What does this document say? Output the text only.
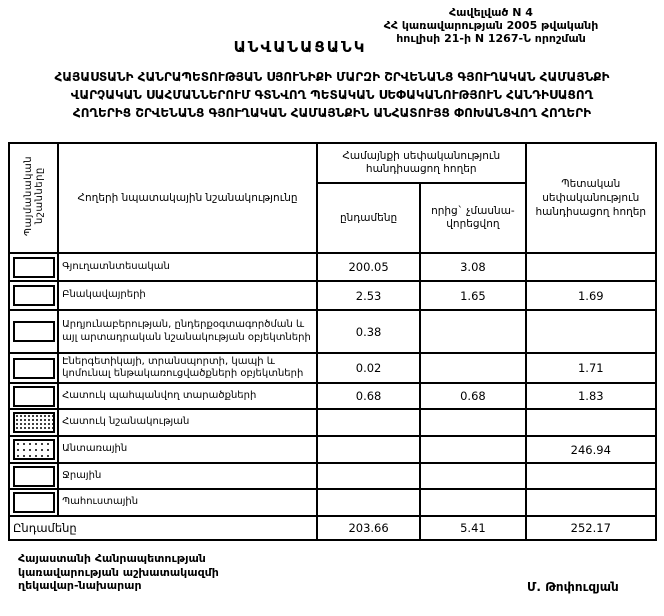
Հավելված N 4
ՀՀ կառավարության 2005 թվականի
հուլիսի 21-ի N 1267-Ն որոշման
ԱՆՎԱՆԱՑԱՆԿ
ՀԱՅԱՍՏԱՆԻ ՀԱՆՐԱՊԵՏՈՒԹՅԱՆ ՍՅՈՒՆԻՔԻ ՄԱՐԶԻ ՇՐՎԵՆԱՆՑ ԳՅՈՒՂԱԿԱՆ ՀԱՄԱՅՆՔԻ
ՎԱՐՉԱԿԱՆ ՍԱՀՄԱՆՆԵՐՈՒՄ ԳՏՆՎՈՂ ՊԵՏԱԿԱՆ ՍԵՓԱԿԱՆՈՒԹՅՈՒՆ ՀԱՆԴԻՍԱՑՈՂ
ՀՈՂԵՐԻՑ ՇՐՎԵՆԱՆՑ ԳՅՈՒՂԱԿԱՆ ՀԱՄԱՅՆՔԻՆ ԱՆՀԱՏՈՒՅՑ ՓՈԽԱՆՑՎՈՂ ՀՈՂԵՐԻ
Պայմանական նշանները	Հողերի նպատակային նշանակությունը	Համայնքի սեփականություն հանդիսացող հողեր		Պետական սեփականություն հանդիսացող հողեր
		ընդամենը	որից` չմասնա-վորեցվող	
	Գյուղատնտեսական	200.05	3.08	
	Բնակավայրերի	2.53	1.65	1.69
	Արդյունաբերության, ընդերքօգտագործման և այլ արտադրական նշանակության օբյեկտների	0.38		
	Էներգետիկայի, տրանսպորտի, կապի և կոմունալ ենթակառուցվածքների օբյեկտների	0.02		1.71
	Հատուկ պահպանվող տարածքների	0.68	0.68	1.83
	Հատուկ նշանակության			
	Անտառային			246.94
	Ջրային			
	Պահուստային			
Ընդամենը		203.66	5.41	252.17
Հայաստանի Հանրապետության
կառավարության աշխատակազմի
ղեկավար-նախարար	Մ. Թոփուզյան
